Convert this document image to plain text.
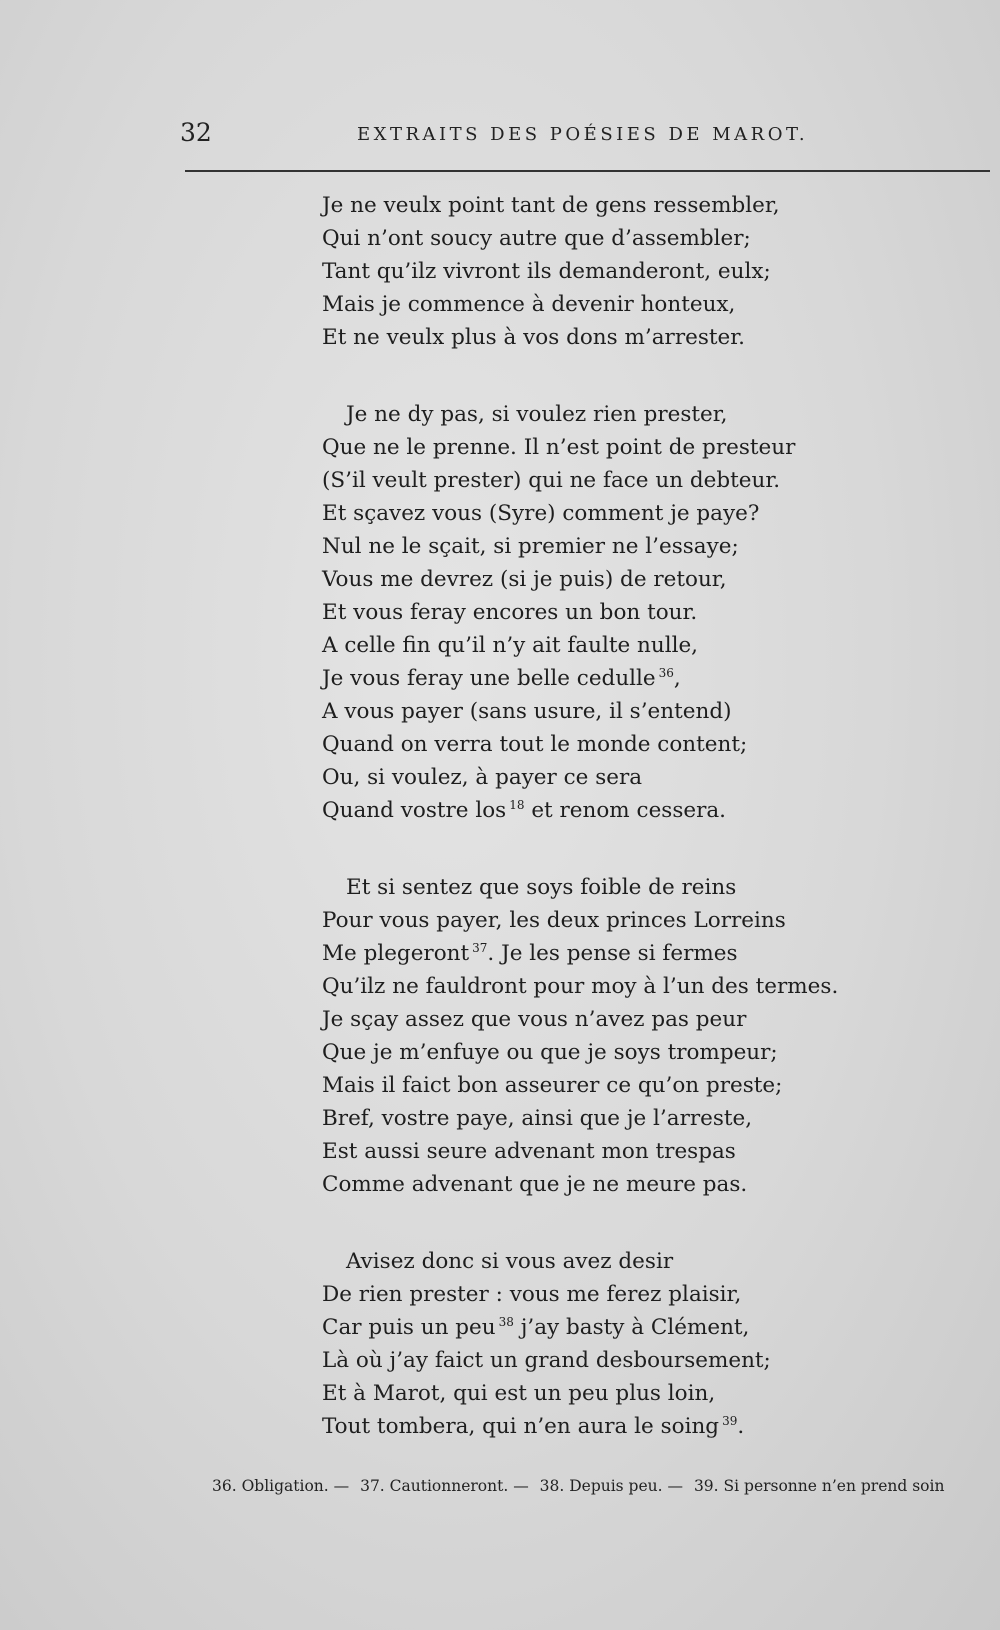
32	EXTRAITS DES POÉSIES DE MAROT.
Je ne veulx point tant de gens ressembler,
Qui n’ont soucy autre que d’assembler;
Tant qu’ilz vivront ils demanderont, eulx;
Mais je commence à devenir honteux,
Et ne veulx plus à vos dons m’arrester.
Je ne dy pas, si voulez rien prester,
Que ne le prenne. Il n’est point de presteur
(S’il veult prester) qui ne face un debteur.
Et sçavez vous (Syre) comment je paye?
Nul ne le sçait, si premier ne l’essaye;
Vous me devrez (si je puis) de retour,
Et vous feray encores un bon tour.
A celle fin qu’il n’y ait faulte nulle,
Je vous feray une belle cedulle $^{36}$,
A vous payer (sans usure, il s’entend)
Quand on verra tout le monde content;
Ou, si voulez, à payer ce sera
Quand vostre los $^{18}$ et renom cessera.
Et si sentez que soys foible de reins
Pour vous payer, les deux princes Lorreins
Me plegeront $^{37}$. Je les pense si fermes
Qu’ilz ne fauldront pour moy à l’un des termes.
Je sçay assez que vous n’avez pas peur
Que je m’enfuye ou que je soys trompeur;
Mais il faict bon asseurer ce qu’on preste;
Bref, vostre paye, ainsi que je l’arreste,
Est aussi seure advenant mon trespas
Comme advenant que je ne meure pas.
Avisez donc si vous avez desir
De rien prester : vous me ferez plaisir,
Car puis un peu $^{38}$ j’ay basty à Clément,
Là où j’ay faict un grand desboursement;
Et à Marot, qui est un peu plus loin,
Tout tombera, qui n’en aura le soing $^{39}$.
36. Obligation. — 37. Cautionneront. — 38. Depuis peu. — 39. Si personne n’en prend soin
